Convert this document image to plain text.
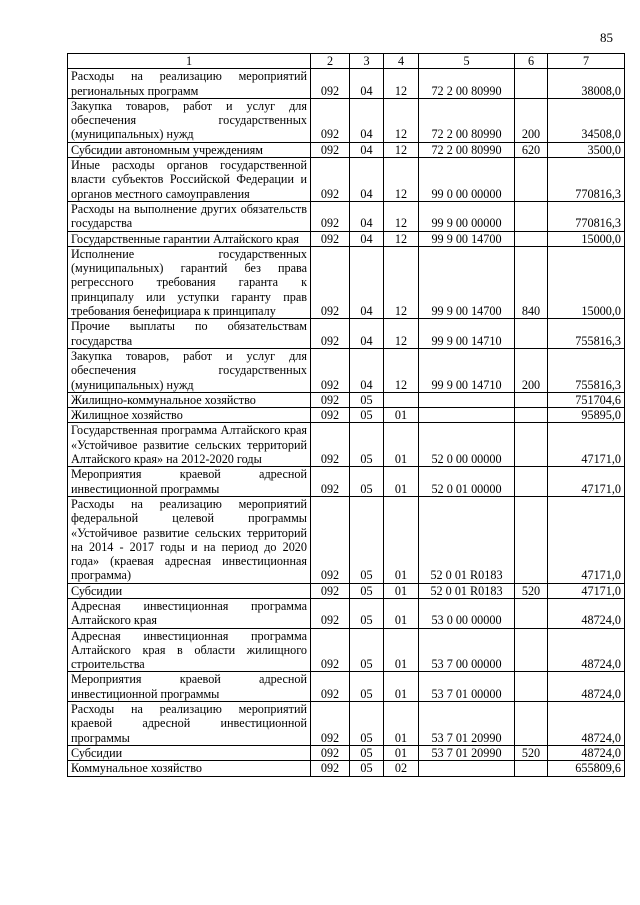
85
1	2	3	4	5	6	7
Расходы на реализацию мероприятий региональных программ	092	04	12	72 2 00 80990		38008,0
Закупка товаров, работ и услуг для обеспечения государственных (муниципальных) нужд	092	04	12	72 2 00 80990	200	34508,0
Субсидии автономным учреждениям	092	04	12	72 2 00 80990	620	3500,0
Иные расходы органов государственной власти субъектов Российской Федерации и органов местного самоуправления	092	04	12	99 0 00 00000		770816,3
Расходы на выполнение других обязательств государства	092	04	12	99 9 00 00000		770816,3
Государственные гарантии Алтайского края	092	04	12	99 9 00 14700		15000,0
Исполнение государственных (муниципальных) гарантий без права регрессного требования гаранта к принципалу или уступки гаранту прав требования бенефициара к принципалу	092	04	12	99 9 00 14700	840	15000,0
Прочие выплаты по обязательствам государства	092	04	12	99 9 00 14710		755816,3
Закупка товаров, работ и услуг для обеспечения государственных (муниципальных) нужд	092	04	12	99 9 00 14710	200	755816,3
Жилищно-коммунальное хозяйство	092	05				751704,6
Жилищное хозяйство	092	05	01			95895,0
Государственная программа Алтайского края «Устойчивое развитие сельских территорий Алтайского края» на 2012-2020 годы	092	05	01	52 0 00 00000		47171,0
Мероприятия краевой адресной инвестиционной программы	092	05	01	52 0 01 00000		47171,0
Расходы на реализацию мероприятий федеральной целевой программы «Устойчивое развитие сельских территорий на 2014 - 2017 годы и на период до 2020 года» (краевая адресная инвестиционная программа)	092	05	01	52 0 01 R0183		47171,0
Субсидии	092	05	01	52 0 01 R0183	520	47171,0
Адресная инвестиционная программа Алтайского края	092	05	01	53 0 00 00000		48724,0
Адресная инвестиционная программа Алтайского края в области жилищного строительства	092	05	01	53 7 00 00000		48724,0
Мероприятия краевой адресной инвестиционной программы	092	05	01	53 7 01 00000		48724,0
Расходы на реализацию мероприятий краевой адресной инвестиционной программы	092	05	01	53 7 01 20990		48724,0
Субсидии	092	05	01	53 7 01 20990	520	48724,0
Коммунальное хозяйство	092	05	02			655809,6
